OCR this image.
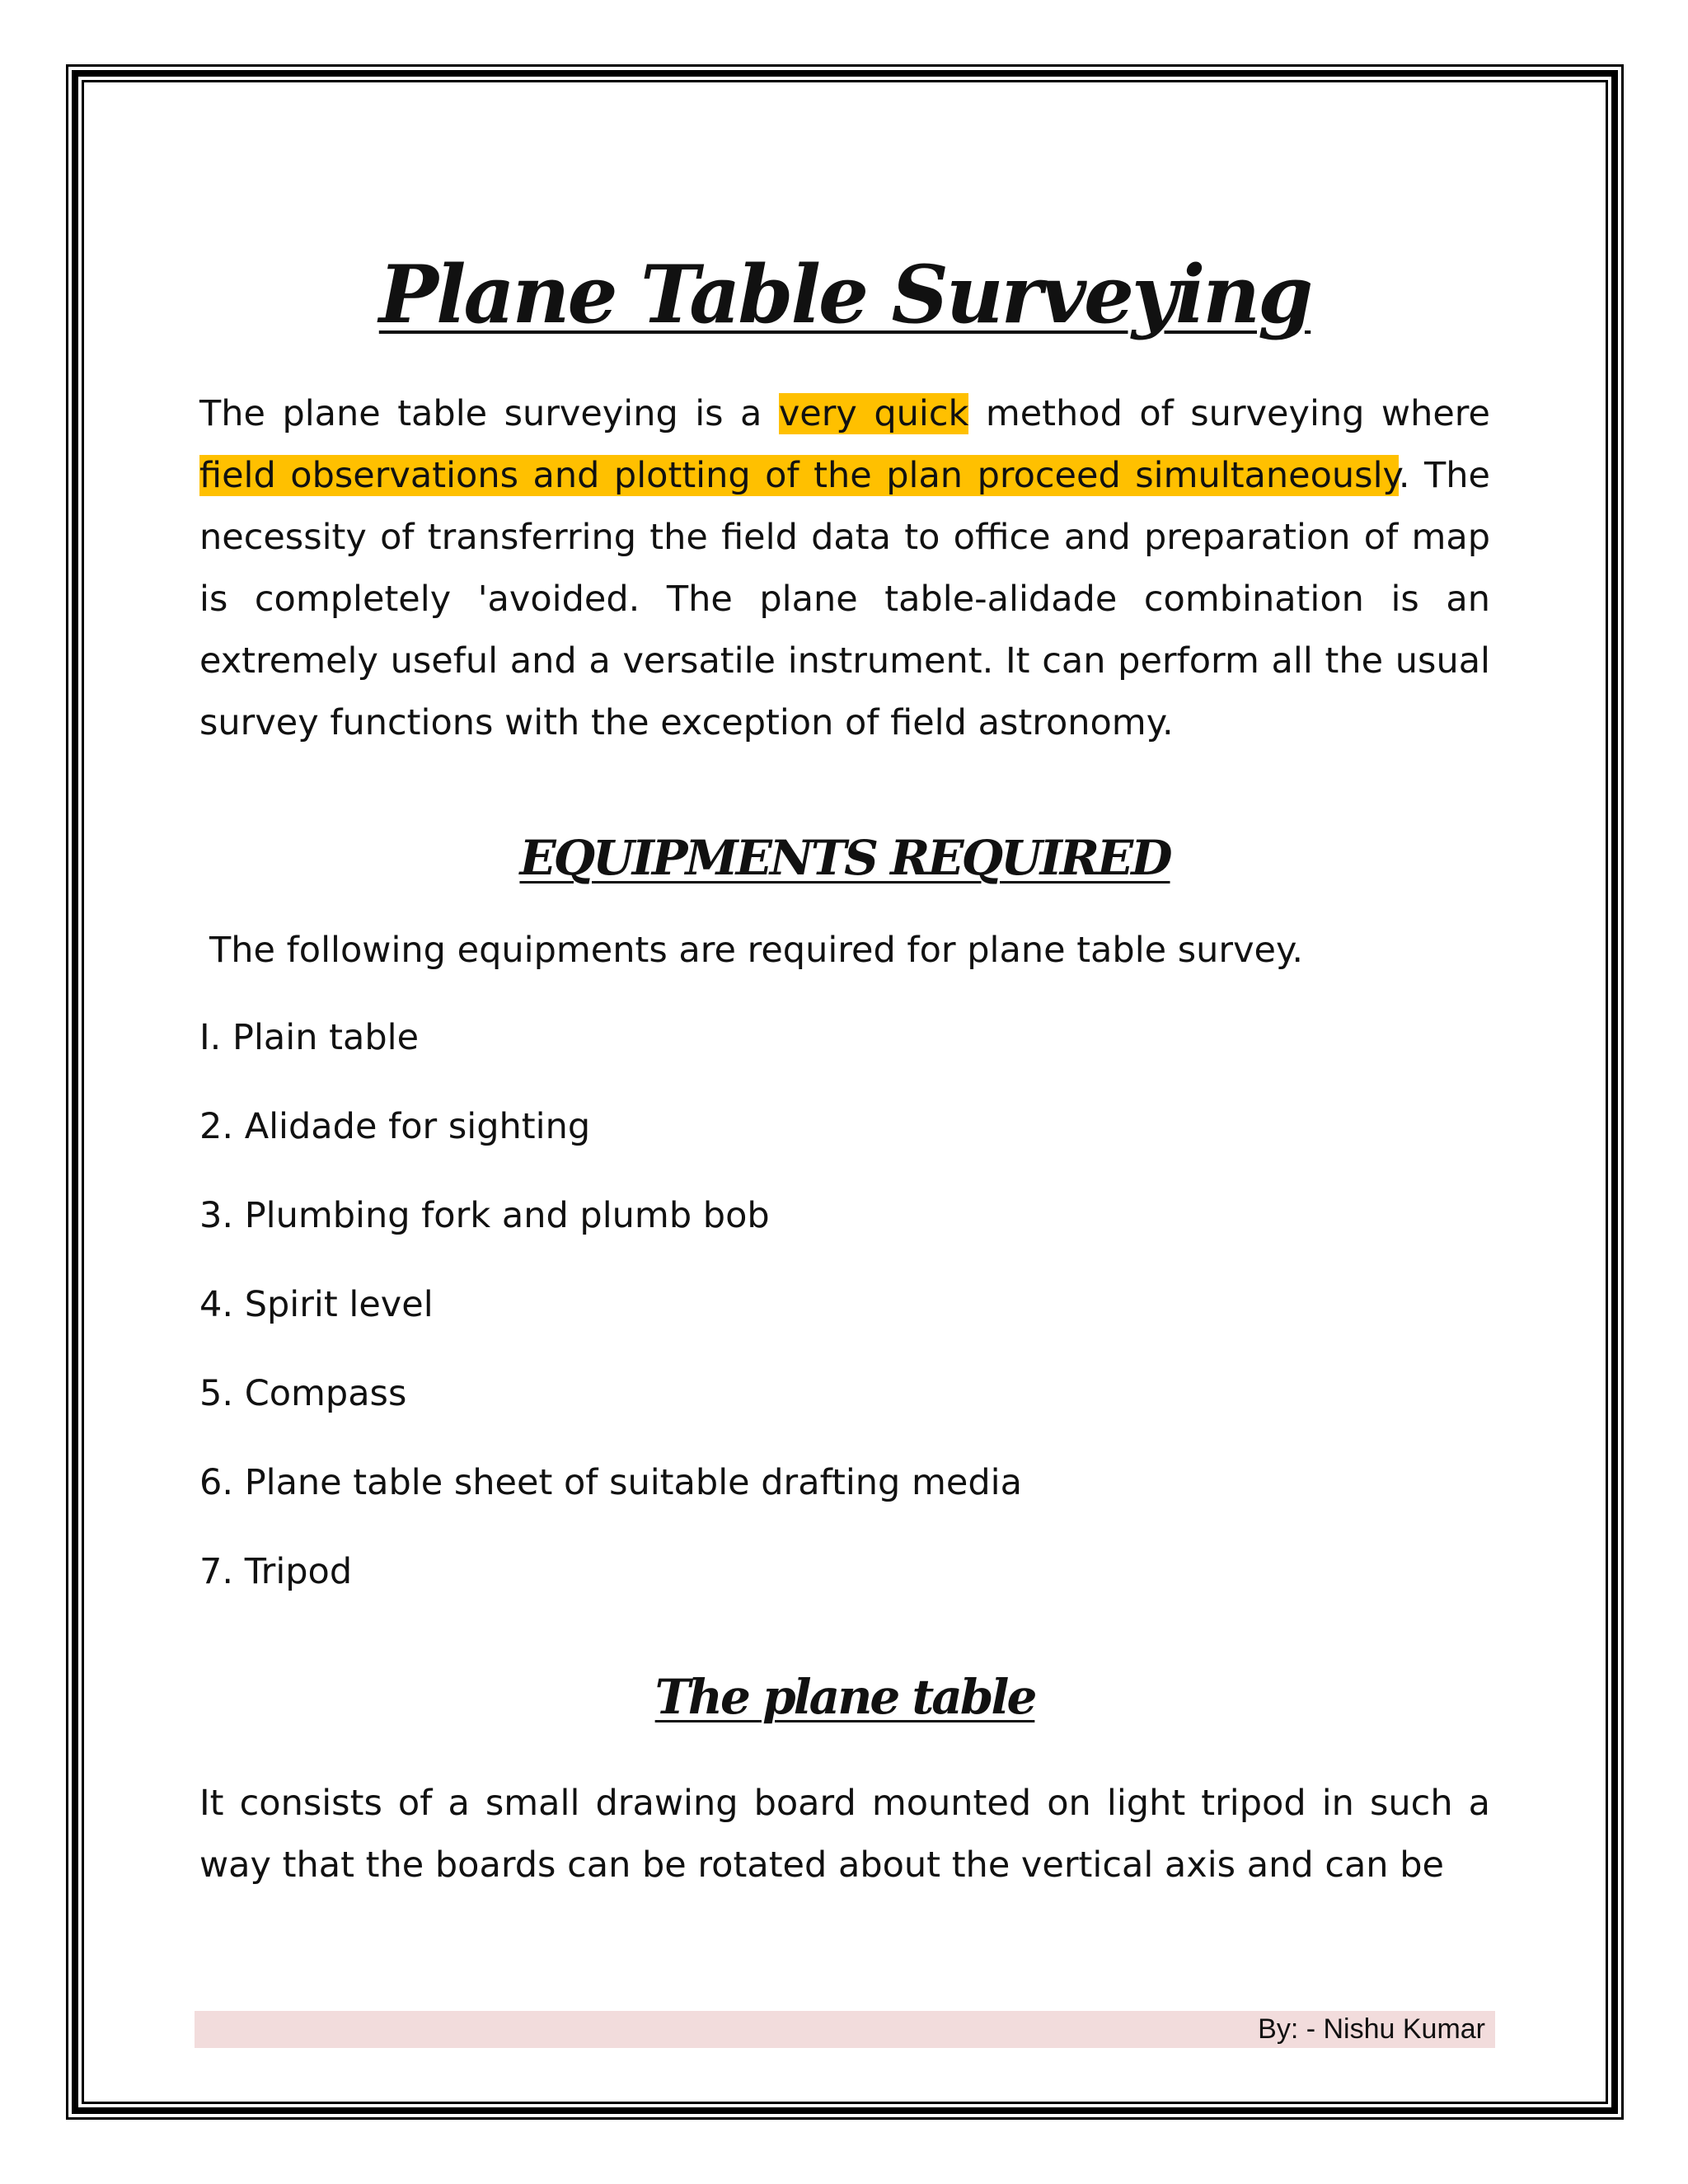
Plane Table Surveying

The plane table surveying is a very quick method of surveying where field observations and plotting of the plan proceed simultaneously. The necessity of transferring the field data to office and preparation of map is completely 'avoided. The plane table-alidade combination is an extremely useful and a versatile instrument. It can perform all the usual survey functions with the exception of field astronomy.

EQUIPMENTS REQUIRED

The following equipments are required for plane table survey.

I. Plain table

2. Alidade for sighting

3. Plumbing fork and plumb bob

4. Spirit level

5. Compass

6. Plane table sheet of suitable drafting media

7. Tripod

The plane table

It consists of a small drawing board mounted on light tripod in such a way that the boards can be rotated about the vertical axis and can be

By: - Nishu Kumar
